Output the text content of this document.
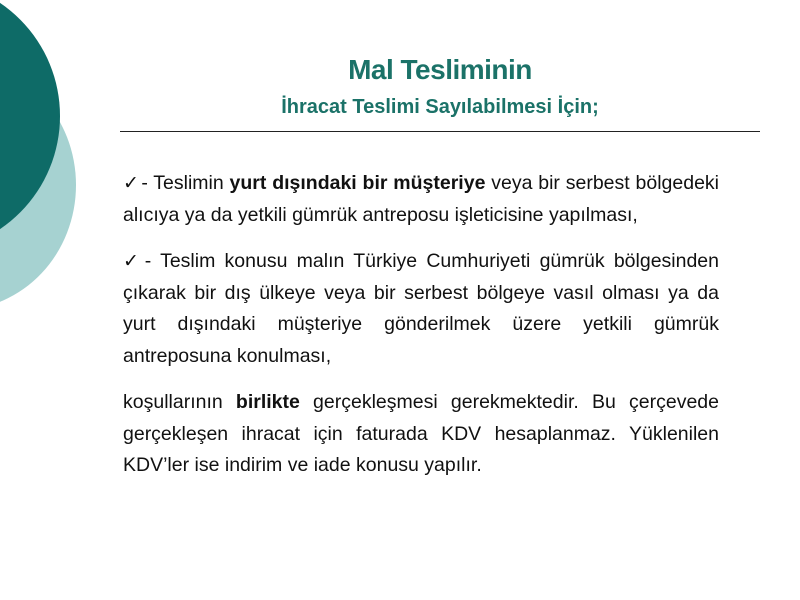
Mal Tesliminin
İhracat Teslimi Sayılabilmesi İçin;

✓ - Teslimin yurt dışındaki bir müşteriye veya bir serbest bölgedeki alıcıya ya da yetkili gümrük antreposu işleticisine yapılması,

✓ - Teslim konusu malın Türkiye Cumhuriyeti gümrük bölgesinden çıkarak bir dış ülkeye veya bir serbest bölgeye vasıl olması ya da yurt dışındaki müşteriye gönderilmek üzere yetkili gümrük antreposuna konulması,

koşullarının birlikte gerçekleşmesi gerekmektedir. Bu çerçevede gerçekleşen ihracat için faturada KDV hesaplanmaz. Yüklenilen KDV’ler ise indirim ve iade konusu yapılır.
